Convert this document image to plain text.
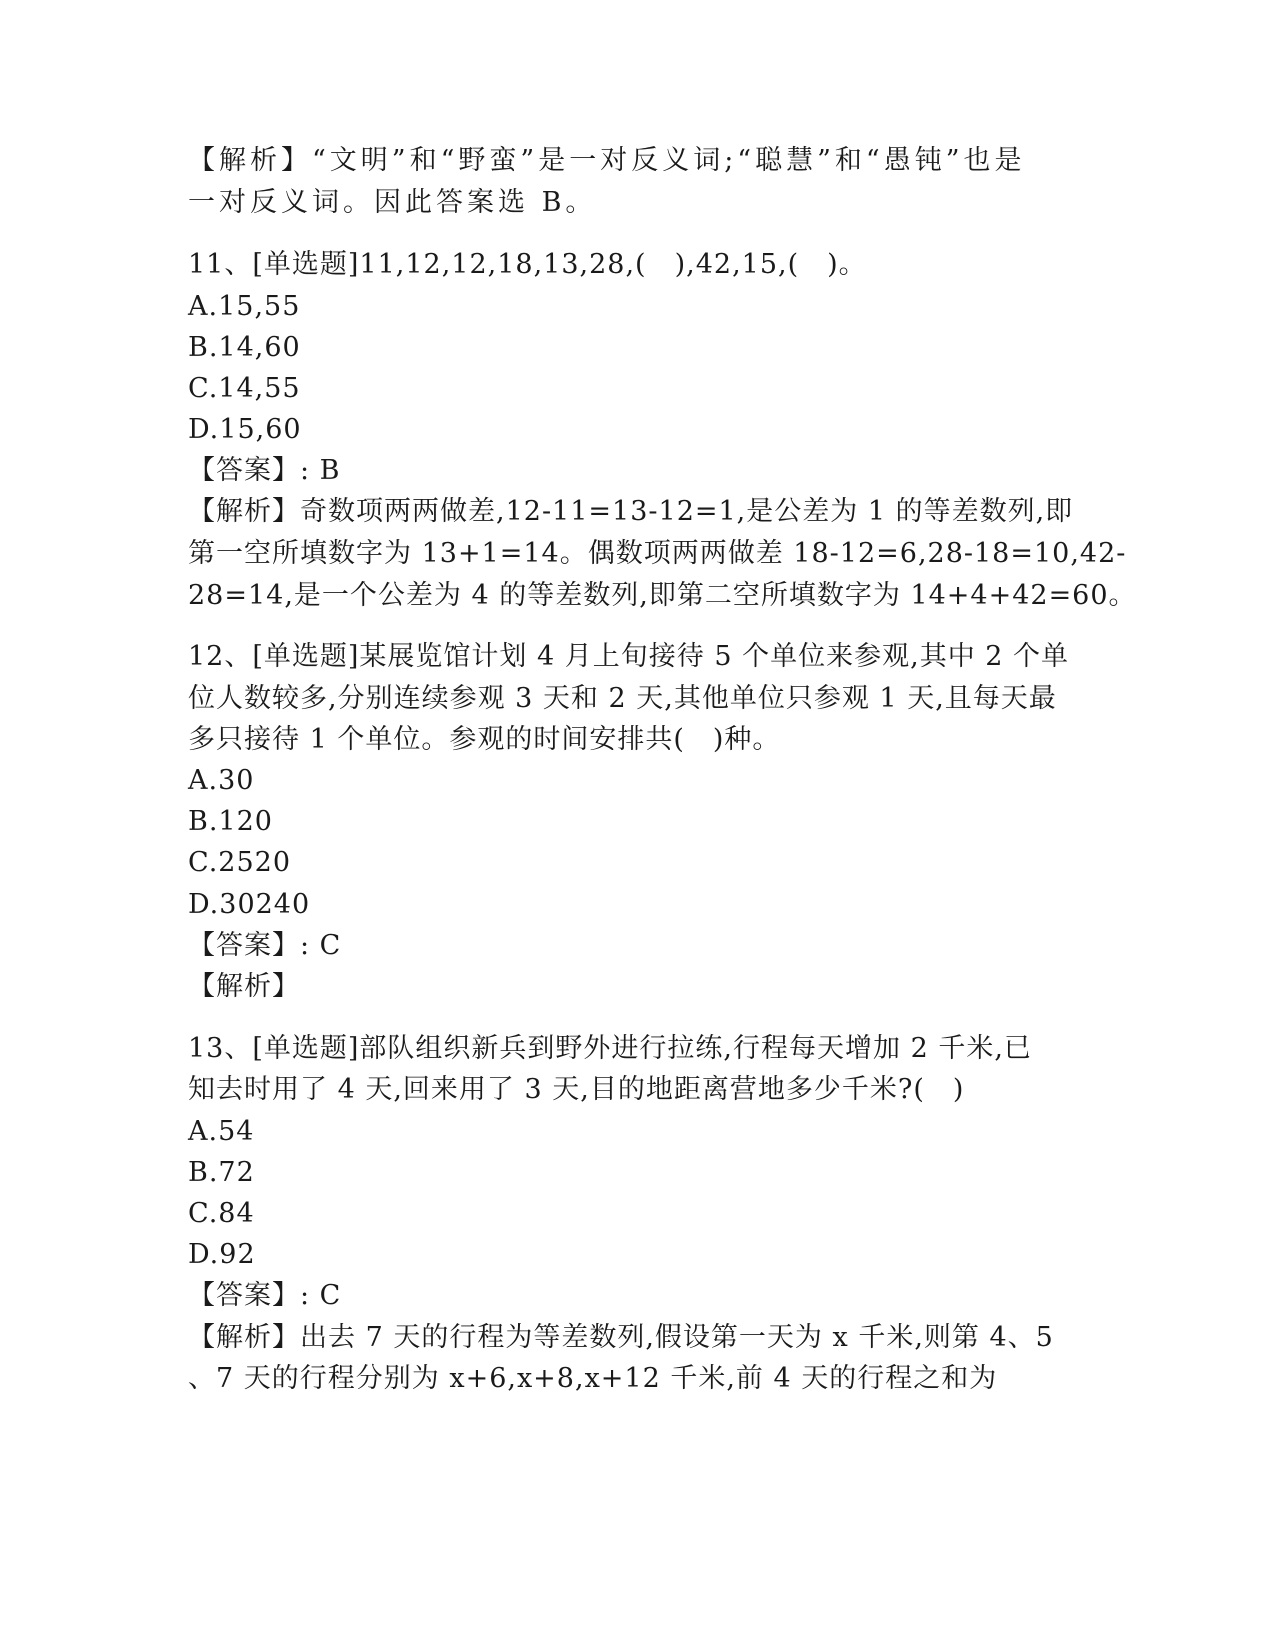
【解析】“文明”和“野蛮”是一对反义词;“聪慧”和“愚钝”也是
一对反义词。因此答案选 B。
11、[单选题]11,12,12,18,13,28,(　),42,15,(　)。
A.15,55
B.14,60
C.14,55
D.15,60
【答案】: B
【解析】奇数项两两做差,12-11=13-12=1,是公差为 1 的等差数列,即
第一空所填数字为 13+1=14。偶数项两两做差 18-12=6,28-18=10,42-
28=14,是一个公差为 4 的等差数列,即第二空所填数字为 14+4+42=60。
12、[单选题]某展览馆计划 4 月上旬接待 5 个单位来参观,其中 2 个单
位人数较多,分别连续参观 3 天和 2 天,其他单位只参观 1 天,且每天最
多只接待 1 个单位。参观的时间安排共(　)种。
A.30
B.120
C.2520
D.30240
【答案】: C
【解析】
13、[单选题]部队组织新兵到野外进行拉练,行程每天增加 2 千米,已
知去时用了 4 天,回来用了 3 天,目的地距离营地多少千米?(　)
A.54
B.72
C.84
D.92
【答案】: C
【解析】出去 7 天的行程为等差数列,假设第一天为 x 千米,则第 4、5
、7 天的行程分别为 x+6,x+8,x+12 千米,前 4 天的行程之和为
